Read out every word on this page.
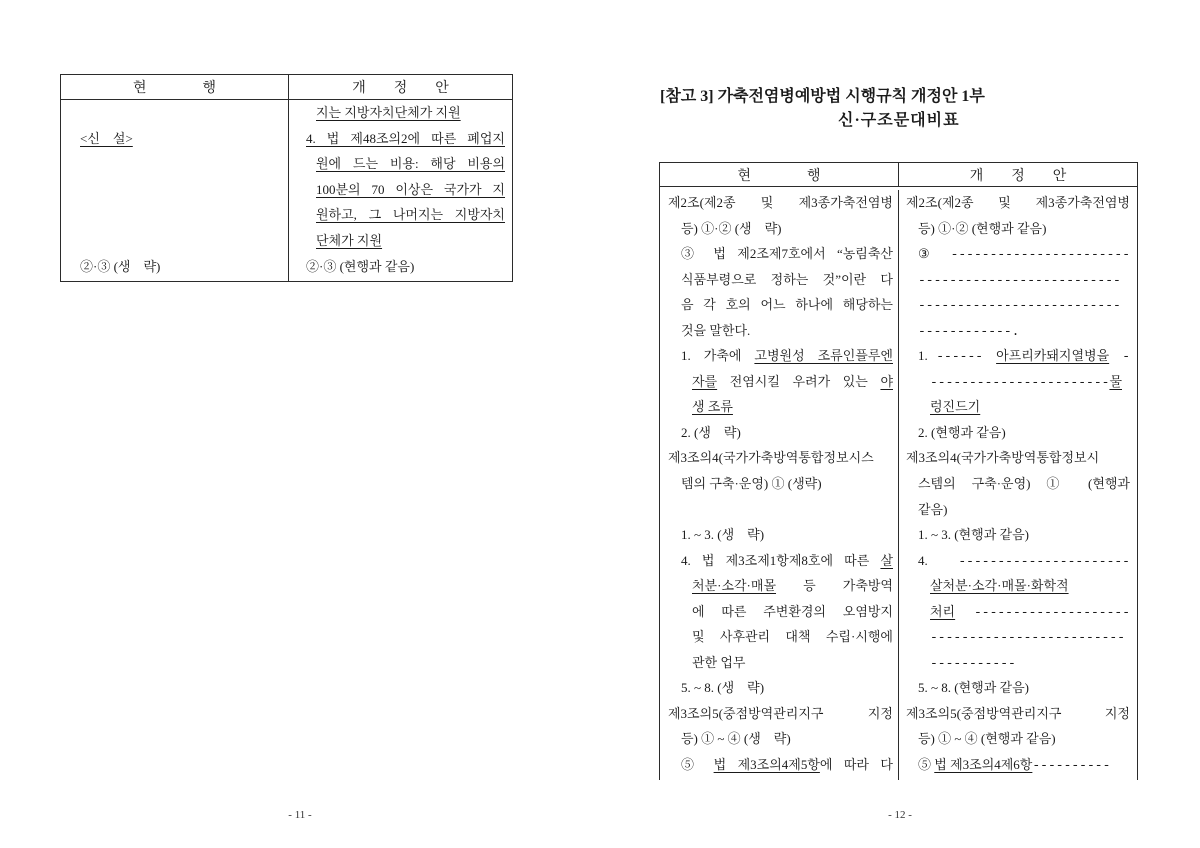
현　　　　행	개　　정　　안
<신　설>
②·③ (생　략)
지는 지방자치단체가 지원
4. 법 제48조의2에 따른 폐업지
원에 드는 비용: 해당 비용의
100분의 70 이상은 국가가 지
원하고, 그 나머지는 지방자치
단체가 지원
②·③ (현행과 같음)
- 11 -
[참고 3] 가축전염병예방법 시행규칙 개정안 1부
신·구조문대비표
현　　　　행	개　　정　　안
제2조(제2종 및 제3종가축전염병
등) ①·② (생　략)
③ 법 제2조제7호에서 “농림축산
식품부령으로 정하는 것”이란 다
음 각 호의 어느 하나에 해당하는
것을 말한다.
1. 가축에 고병원성 조류인플루엔
자를 전염시킬 우려가 있는 야
생 조류
2. (생　략)
제3조의4(국가가축방역통합정보시스
템의 구축·운영) ① (생략)
1. ~ 3. (생　략)
4. 법 제3조제1항제8호에 따른 살
처분·소각·매몰 등 가축방역
에 따른 주변환경의 오염방지
및 사후관리 대책 수립·시행에
관한 업무
5. ~ 8. (생　략)
제3조의5(중점방역관리지구 지정
등) ① ~ ④ (생　략)
⑤ 법 제3조의4제5항에 따라 다
제2조(제2종 및 제3종가축전염병
등) ①·② (현행과 같음)
③ -----------------------
--------------------------
--------------------------
------------.
1. ------ 아프리카돼지열병을 -
-----------------------물
렁진드기
2. (현행과 같음)
제3조의4(국가가축방역통합정보시
스템의 구축·운영) ① (현행과
같음)
1. ~ 3. (현행과 같음)
4. ----------------------
살처분·소각·매몰·화학적
처리 --------------------
-------------------------
-----------
5. ~ 8. (현행과 같음)
제3조의5(중점방역관리지구 지정
등) ① ~ ④ (현행과 같음)
⑤ 법 제3조의4제6항----------
- 12 -
